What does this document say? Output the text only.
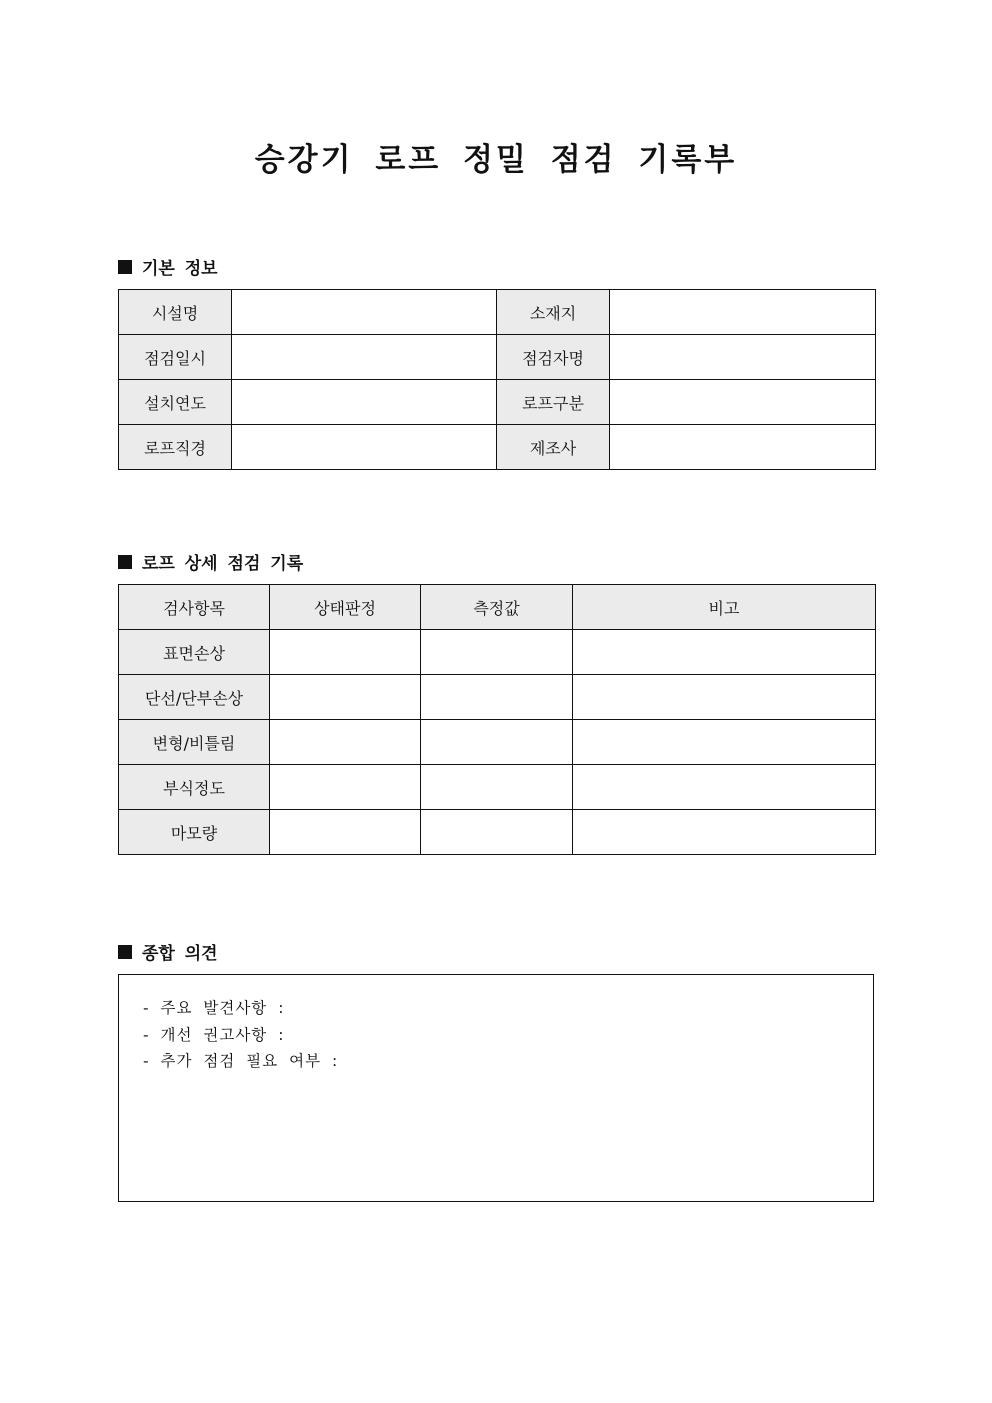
승강기 로프 정밀 점검 기록부
기본 정보
시설명		소재지	
점검일시		점검자명	
설치연도		로프구분	
로프직경		제조사	
로프 상세 점검 기록
검사항목	상태판정	측정값	비고
표면손상			
단선/단부손상			
변형/비틀림			
부식정도			
마모량			
종합 의견
- 주요 발견사항 :
- 개선 권고사항 :
- 추가 점검 필요 여부 :
